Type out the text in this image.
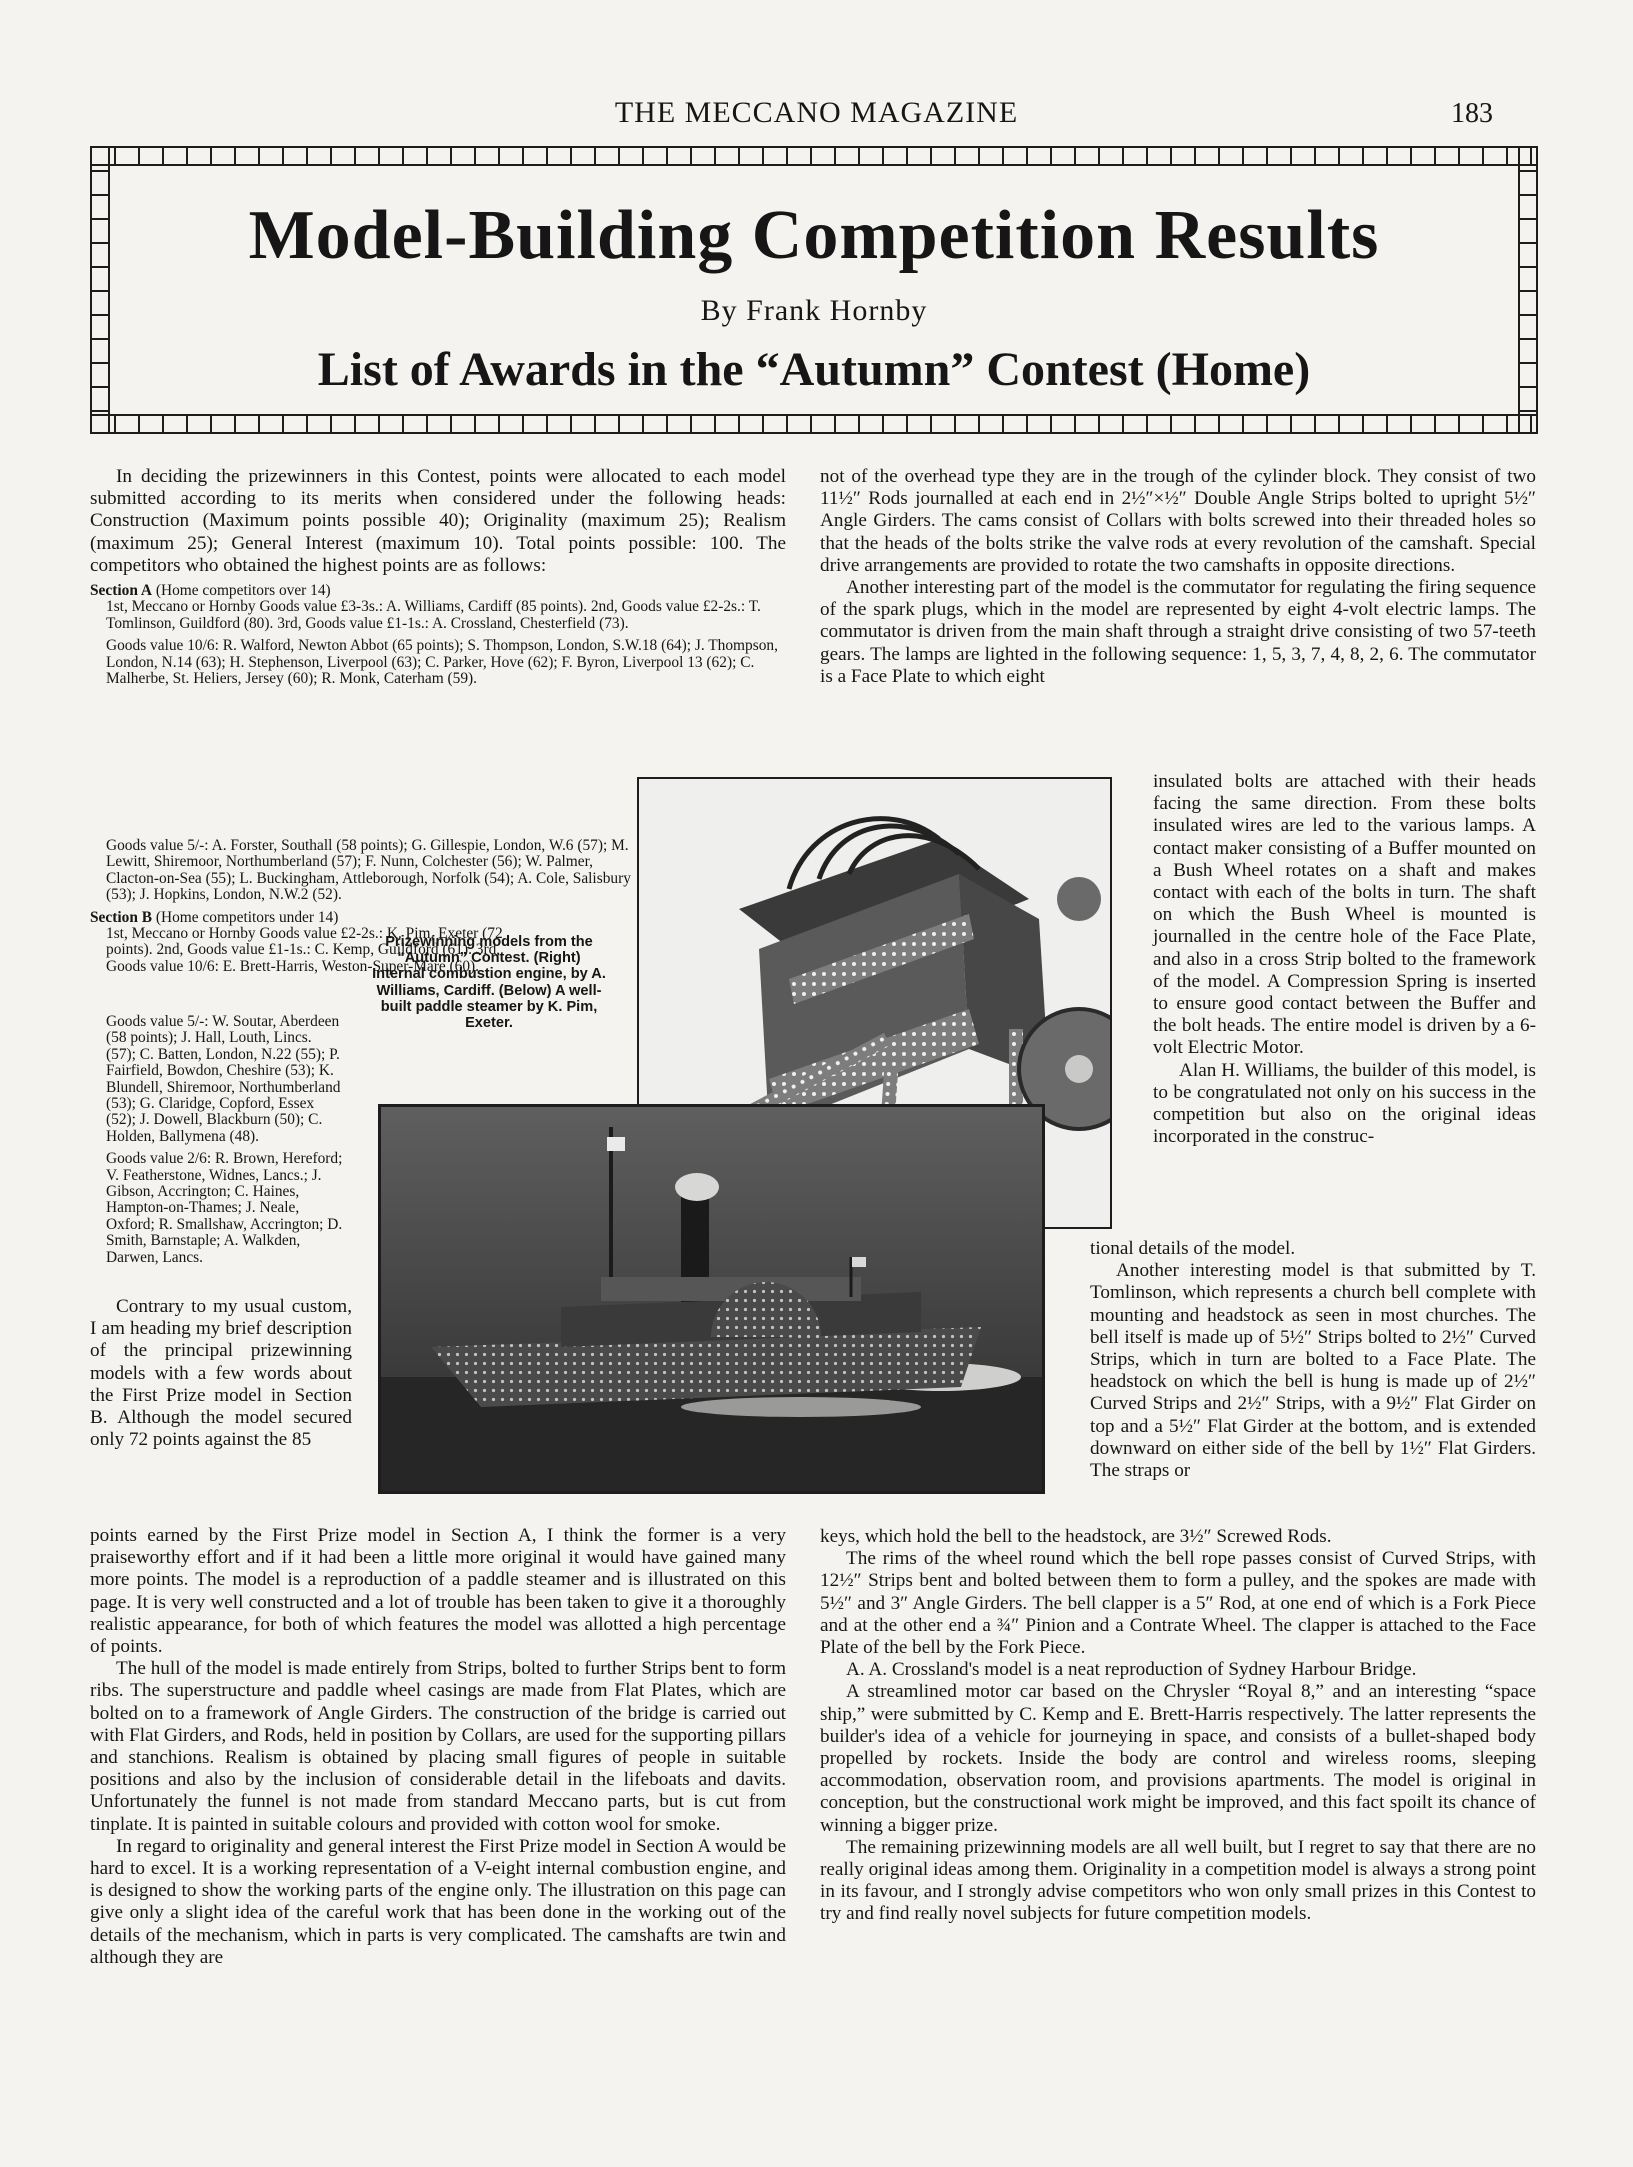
THE MECCANO MAGAZINE	183
Model-Building Competition Results
By Frank Hornby
List of Awards in the “Autumn” Contest (Home)

In deciding the prizewinners in this Contest, points were allocated to each model submitted according to its merits when considered under the following heads: Construction (Maximum points possible 40); Originality (maximum 25); Realism (maximum 25); General Interest (maximum 10). Total points possible: 100. The competitors who obtained the highest points are as follows:

Section A (Home competitors over 14)

1st, Meccano or Hornby Goods value £3-3s.: A. Williams, Cardiff (85 points). 2nd, Goods value £2-2s.: T. Tomlinson, Guildford (80). 3rd, Goods value £1-1s.: A. Crossland, Chesterfield (73).

Goods value 10/6: R. Walford, Newton Abbot (65 points); S. Thompson, London, S.W.18 (64); J. Thompson, London, N.14 (63); H. Stephenson, Liverpool (63); C. Parker, Hove (62); F. Byron, Liverpool 13 (62); C. Malherbe, St. Heliers, Jersey (60); R. Monk, Caterham (59).

Goods value 5/-: A. Forster, Southall (58 points); G. Gillespie, London, W.6 (57); M. Lewitt, Shiremoor, Northumberland (57); F. Nunn, Colchester (56); W. Palmer, Clacton-on-Sea (55); L. Buckingham, Attleborough, Norfolk (54); A. Cole, Salisbury (53); J. Hopkins, London, N.W.2 (52).

Section B (Home competitors under 14)

1st, Meccano or Hornby Goods value £2-2s.: K. Pim, Exeter (72 points). 2nd, Goods value £1-1s.: C. Kemp, Guildford (61). 3rd, Goods value 10/6: E. Brett-Harris, Weston-Super-Mare (60).

Goods value 5/-: W. Soutar, Aberdeen (58 points); J. Hall, Louth, Lincs. (57); C. Batten, London, N.22 (55); P. Fairfield, Bowdon, Cheshire (53); K. Blundell, Shiremoor, Northumberland (53); G. Claridge, Copford, Essex (52); J. Dowell, Blackburn (50); C. Holden, Ballymena (48).

Goods value 2/6: R. Brown, Hereford; V. Featherstone, Widnes, Lancs.; J. Gibson, Accrington; C. Haines, Hampton-on-Thames; J. Neale, Oxford; R. Smallshaw, Accrington; D. Smith, Barnstaple; A. Walkden, Darwen, Lancs.

Prizewinning models from the “Autumn” Contest. (Right) Internal combustion engine, by A. Williams, Cardiff. (Below) A well-built paddle steamer by K. Pim, Exeter.

Contrary to my usual custom, I am heading my brief description of the principal prizewinning models with a few words about the First Prize model in Section B. Although the model secured only 72 points against the 85

points earned by the First Prize model in Section A, I think the former is a very praiseworthy effort and if it had been a little more original it would have gained many more points. The model is a reproduction of a paddle steamer and is illustrated on this page. It is very well constructed and a lot of trouble has been taken to give it a thoroughly realistic appearance, for both of which features the model was allotted a high percentage of points.

The hull of the model is made entirely from Strips, bolted to further Strips bent to form ribs. The superstructure and paddle wheel casings are made from Flat Plates, which are bolted on to a framework of Angle Girders. The construction of the bridge is carried out with Flat Girders, and Rods, held in position by Collars, are used for the supporting pillars and stanchions. Realism is obtained by placing small figures of people in suitable positions and also by the inclusion of considerable detail in the lifeboats and davits. Unfortunately the funnel is not made from standard Meccano parts, but is cut from tinplate. It is painted in suitable colours and provided with cotton wool for smoke.

In regard to originality and general interest the First Prize model in Section A would be hard to excel. It is a working representation of a V-eight internal combustion engine, and is designed to show the working parts of the engine only. The illustration on this page can give only a slight idea of the careful work that has been done in the working out of the details of the mechanism, which in parts is very complicated. The camshafts are twin and although they are

not of the overhead type they are in the trough of the cylinder block. They consist of two 11½″ Rods journalled at each end in 2½″×½″ Double Angle Strips bolted to upright 5½″ Angle Girders. The cams consist of Collars with bolts screwed into their threaded holes so that the heads of the bolts strike the valve rods at every revolution of the camshaft. Special drive arrangements are provided to rotate the two camshafts in opposite directions.

Another interesting part of the model is the commutator for regulating the firing sequence of the spark plugs, which in the model are represented by eight 4-volt electric lamps. The commutator is driven from the main shaft through a straight drive consisting of two 57-teeth gears. The lamps are lighted in the following sequence: 1, 5, 3, 7, 4, 8, 2, 6. The commutator is a Face Plate to which eight

insulated bolts are attached with their heads facing the same direction. From these bolts insulated wires are led to the various lamps. A contact maker consisting of a Buffer mounted on a Bush Wheel rotates on a shaft and makes contact with each of the bolts in turn. The shaft on which the Bush Wheel is mounted is journalled in the centre hole of the Face Plate, and also in a cross Strip bolted to the framework of the model. A Compression Spring is inserted to ensure good contact between the Buffer and the bolt heads. The entire model is driven by a 6-volt Electric Motor.

Alan H. Williams, the builder of this model, is to be congratulated not only on his success in the competition but also on the original ideas incorporated in the construc-

tional details of the model.

Another interesting model is that submitted by T. Tomlinson, which represents a church bell complete with mounting and headstock as seen in most churches. The bell itself is made up of 5½″ Strips bolted to 2½″ Curved Strips, which in turn are bolted to a Face Plate. The headstock on which the bell is hung is made up of 2½″ Curved Strips and 2½″ Strips, with a 9½″ Flat Girder on top and a 5½″ Flat Girder at the bottom, and is extended downward on either side of the bell by 1½″ Flat Girders. The straps or

keys, which hold the bell to the headstock, are 3½″ Screwed Rods.

The rims of the wheel round which the bell rope passes consist of Curved Strips, with 12½″ Strips bent and bolted between them to form a pulley, and the spokes are made with 5½″ and 3″ Angle Girders. The bell clapper is a 5″ Rod, at one end of which is a Fork Piece and at the other end a ¾″ Pinion and a Contrate Wheel. The clapper is attached to the Face Plate of the bell by the Fork Piece.

A. A. Crossland's model is a neat reproduction of Sydney Harbour Bridge.

A streamlined motor car based on the Chrysler “Royal 8,” and an interesting “space ship,” were submitted by C. Kemp and E. Brett-Harris respectively. The latter represents the builder's idea of a vehicle for journeying in space, and consists of a bullet-shaped body propelled by rockets. Inside the body are control and wireless rooms, sleeping accommodation, observation room, and provisions apartments. The model is original in conception, but the constructional work might be improved, and this fact spoilt its chance of winning a bigger prize.

The remaining prizewinning models are all well built, but I regret to say that there are no really original ideas among them. Originality in a competition model is always a strong point in its favour, and I strongly advise competitors who won only small prizes in this Contest to try and find really novel subjects for future competition models.
